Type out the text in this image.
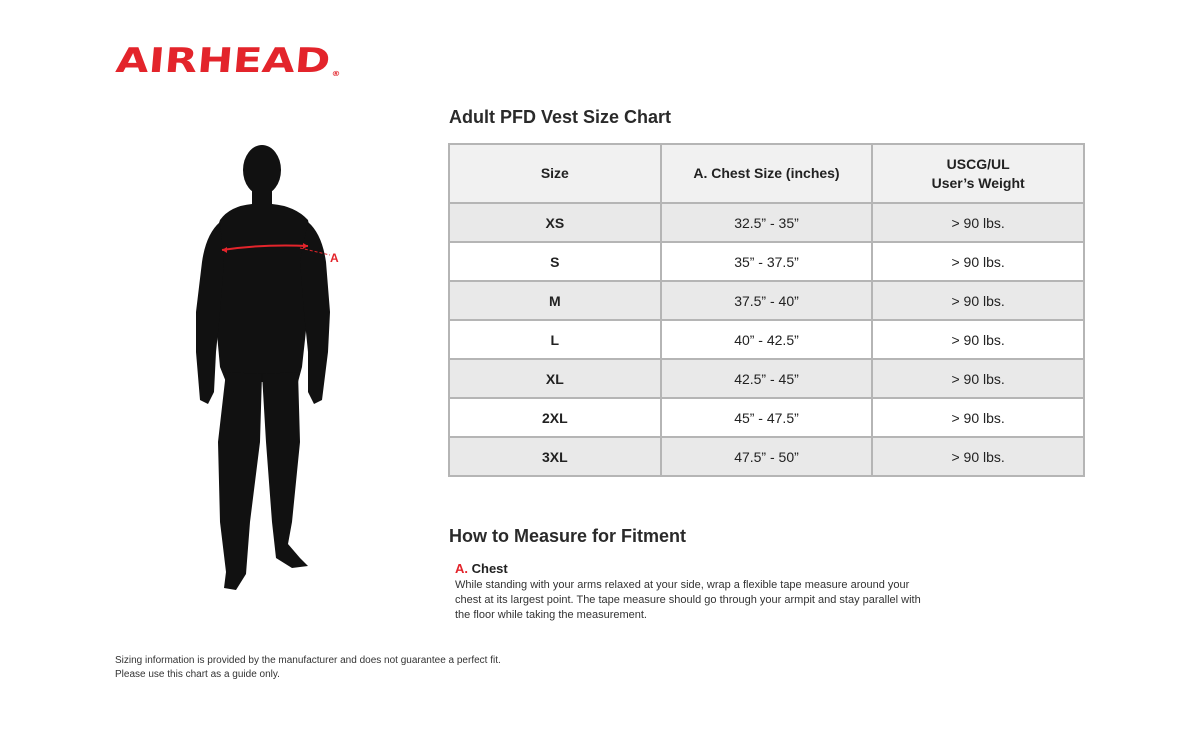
AIRHEAD®
A
Adult PFD Vest Size Chart
Size	A. Chest Size (inches)	USCG/UL
User’s Weight
XS	32.5” - 35”	> 90 lbs.
S	35” - 37.5”	> 90 lbs.
M	37.5” - 40”	> 90 lbs.
L	40” - 42.5”	> 90 lbs.
XL	42.5” - 45”	> 90 lbs.
2XL	45” - 47.5”	> 90 lbs.
3XL	47.5” - 50”	> 90 lbs.
How to Measure for Fitment

A. Chest

While standing with your arms relaxed at your side, wrap a flexible tape measure around your
chest at its largest point. The tape measure should go through your armpit and stay parallel with
the floor while taking the measurement.

Sizing information is provided by the manufacturer and does not guarantee a perfect fit.

Please use this chart as a guide only.
